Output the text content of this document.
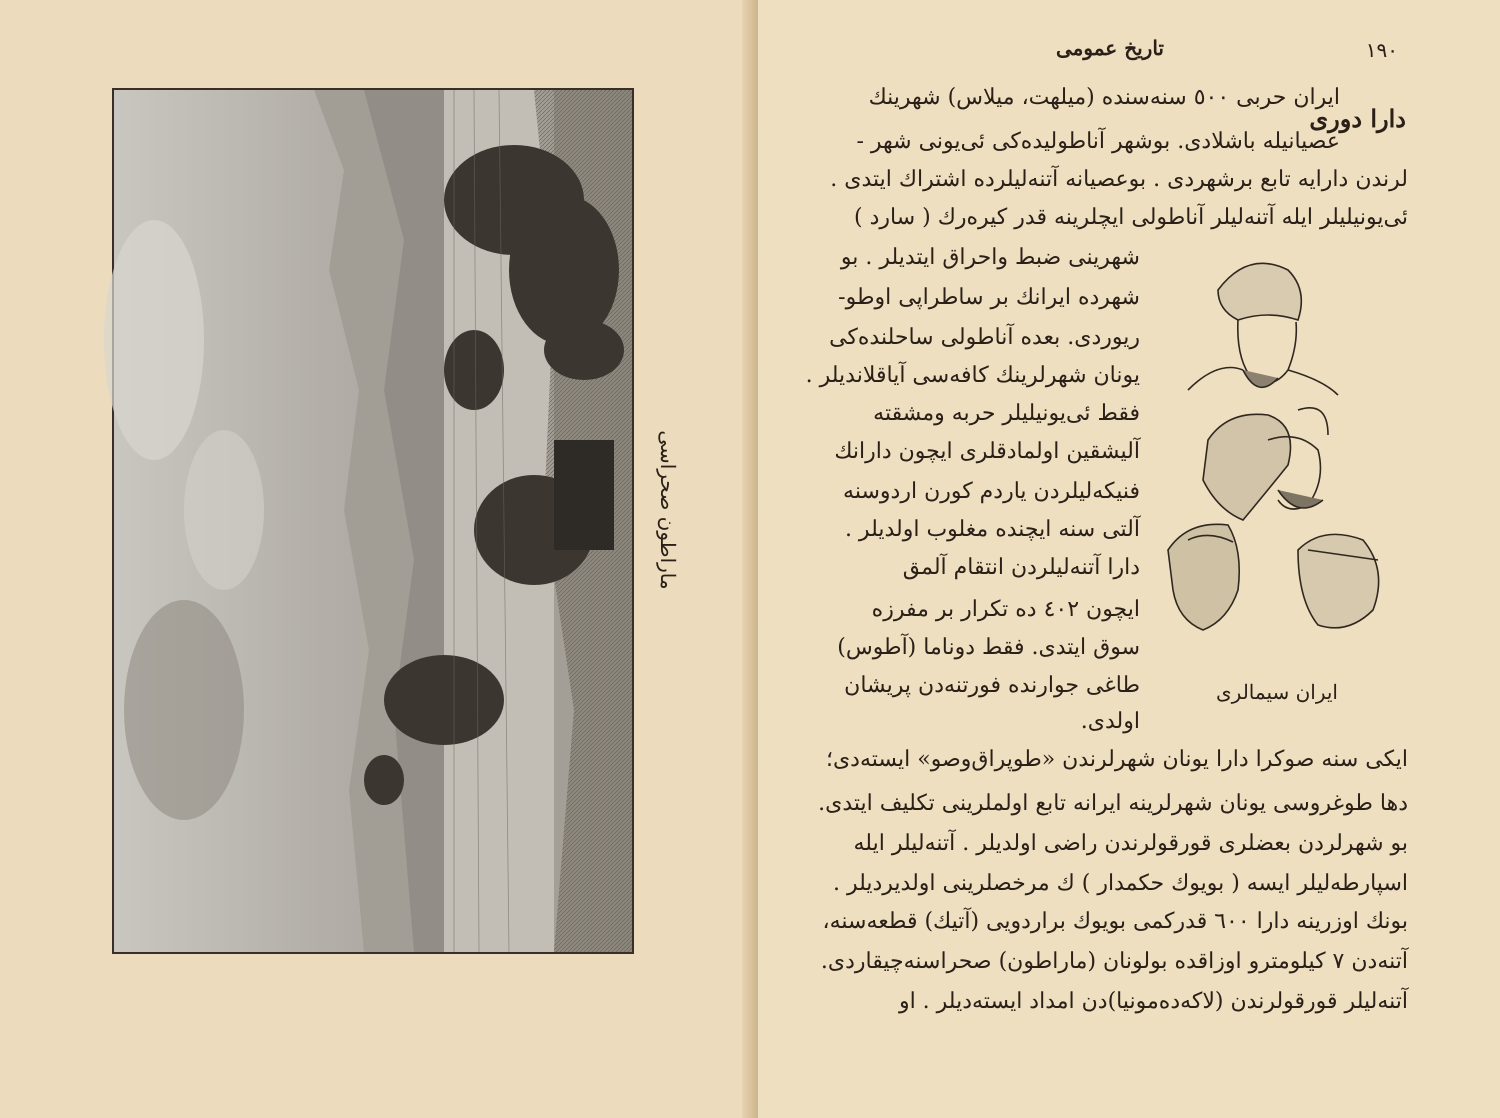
ماراطون صحراسی
١٩٠
تاريخ عمومى
دارا دورى
ايران حربى ٥٠٠ سنه‌سنده (ميلهت، ميلاس) شهرينك
عصيانيله باشلادى. بوشهر آناطوليده‌كى ئى‌يونى شهر -
لرندن دارايه تابع برشهردى . بوعصيانه آتنه‌ليلرده اشتراك ايتدى .
ئى‌يونيليلر ايله آتنه‌ليلر آناطولى ايچلرينه قدر كيره‌رك ( سارد )
شهرينى ضبط واحراق ايتديلر . بو
شهرده ايرانك بر ساطراپى اوطو-
ريوردى. بعده آناطولى ساحلنده‌كى
يونان شهرلرينك كافه‌سى آياقلانديلر .
فقط ئى‌يونيليلر حربه ومشقته
آليشقين اولمادقلرى ايچون دارانك
فنيكه‌ليلردن ياردم كورن اردوسنه
آلتى سنه ايچنده مغلوب اولديلر .
دارا آتنه‌ليلردن انتقام آلمق
ايچون ٤٠٢ ده تكرار بر مفرزه
سوق ايتدى. فقط دوناما (آطوس)
طاغى جوارنده فورتنه‌دن پريشان
اولدى.
ايران سيمالرى
ايكى سنه صوكرا دارا يونان شهرلرندن «طوپراق‌وصو» ايسته‌دى؛
دها طوغروسى يونان شهرلرينه ايرانه تابع اولملرينى تكليف ايتدى.
بو شهرلردن بعضلرى قورقولرندن راضى اولديلر . آتنه‌ليلر ايله
اسپارطه‌ليلر ايسه ( بويوك حكمدار ) ك مرخصلرينى اولديرديلر .
بونك اوزرينه دارا ٦٠٠ قدركمى بويوك براردويى (آتيك) قطعه‌سنه،
آتنه‌دن ٧ كيلومترو اوزاقده بولونان (ماراطون) صحراسنه‌چيقاردى.
آتنه‌ليلر قورقولرندن (لاكه‌ده‌مونيا)دن امداد ايسته‌ديلر . او
